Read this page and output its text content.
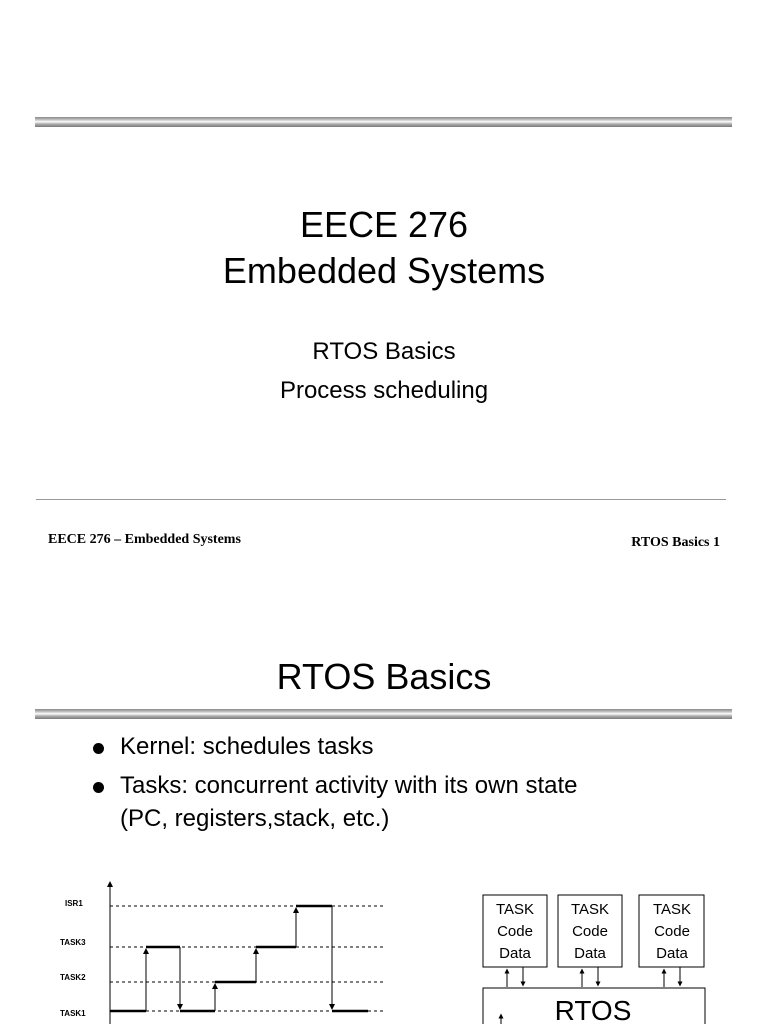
EECE 276
Embedded Systems
RTOS Basics
Process scheduling
EECE 276 – Embedded Systems	RTOS Basics 1
RTOS Basics
Kernel: schedules tasks
Tasks: concurrent activity with its own state
(PC, registers,stack, etc.)
ISR1
TASK3
TASK2
TASK1
TASK
Code
Data
TASK
Code
Data
TASK
Code
Data
RTOS
